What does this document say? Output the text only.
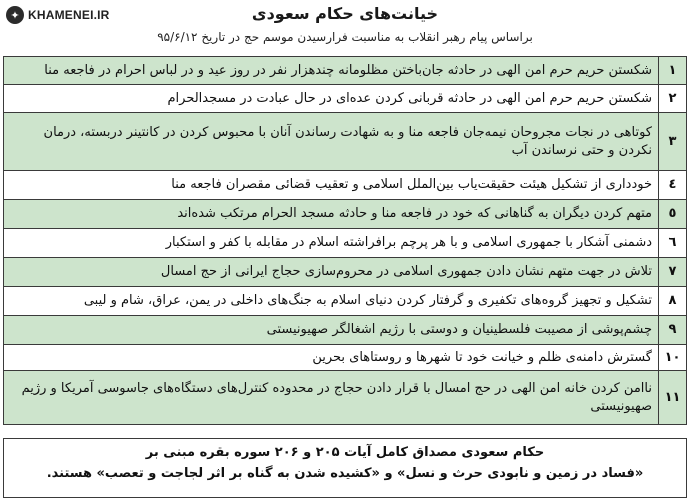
✦ KHAMENEI.IR	خیانت‌های حکام سعودی
براساس پیام رهبر انقلاب به مناسبت فرارسیدن موسم حج در تاریخ ۹۵/۶/۱۲
۱	شکستن حریم حرم امن الهی در حادثه جان‌باختن مظلومانه چندهزار نفر در روز عید و در لباس احرام در فاجعه منا
۲	شکستن حریم حرم امن الهی در حادثه قربانی کردن عده‌ای در حال عبادت در مسجدالحرام
۳	کوتاهی در نجات مجروحان نیمه‌جان فاجعه منا و به شهادت رساندن آنان با محبوس کردن در کانتینر دربسته، درمان نکردن و حتی نرساندن آب
٤	خودداری از تشکیل هیئت حقیقت‌یاب بین‌الملل اسلامی و تعقیب قضائی مقصران فاجعه منا
٥	متهم کردن دیگران به گناهانی که خود در فاجعه منا و حادثه مسجد الحرام مرتکب شده‌اند
٦	دشمنی آشکار با جمهوری اسلامی و با هر پرچم برافراشته اسلام در مقابله با کفر و استکبار
۷	تلاش در جهت متهم نشان دادن جمهوری اسلامی در محروم‌سازی حجاج ایرانی از حج امسال
۸	تشکیل و تجهیز گروه‌های تکفیری و گرفتار کردن دنیای اسلام به جنگ‌های داخلی در یمن، عراق، شام و لیبی
۹	چشم‌پوشی از مصیبت فلسطینیان و دوستی با رژیم اشغالگر صهیونیستی
۱۰	گسترش دامنه‌ی ظلم و خیانت خود تا شهرها و روستاهای بحرین
۱۱	ناامن کردن خانه امن الهی در حج امسال با قرار دادن حجاج در محدوده کنترل‌های دستگاه‌های جاسوسی آمریکا و رژیم صهیونیستی
حکام سعودی مصداق کامل آیات ۲۰۵ و ۲۰۶ سوره بقره مبنی بر
«فساد در زمین و نابودی حرث و نسل» و «کشیده شدن به گناه بر اثر لجاجت و تعصب» هستند.
